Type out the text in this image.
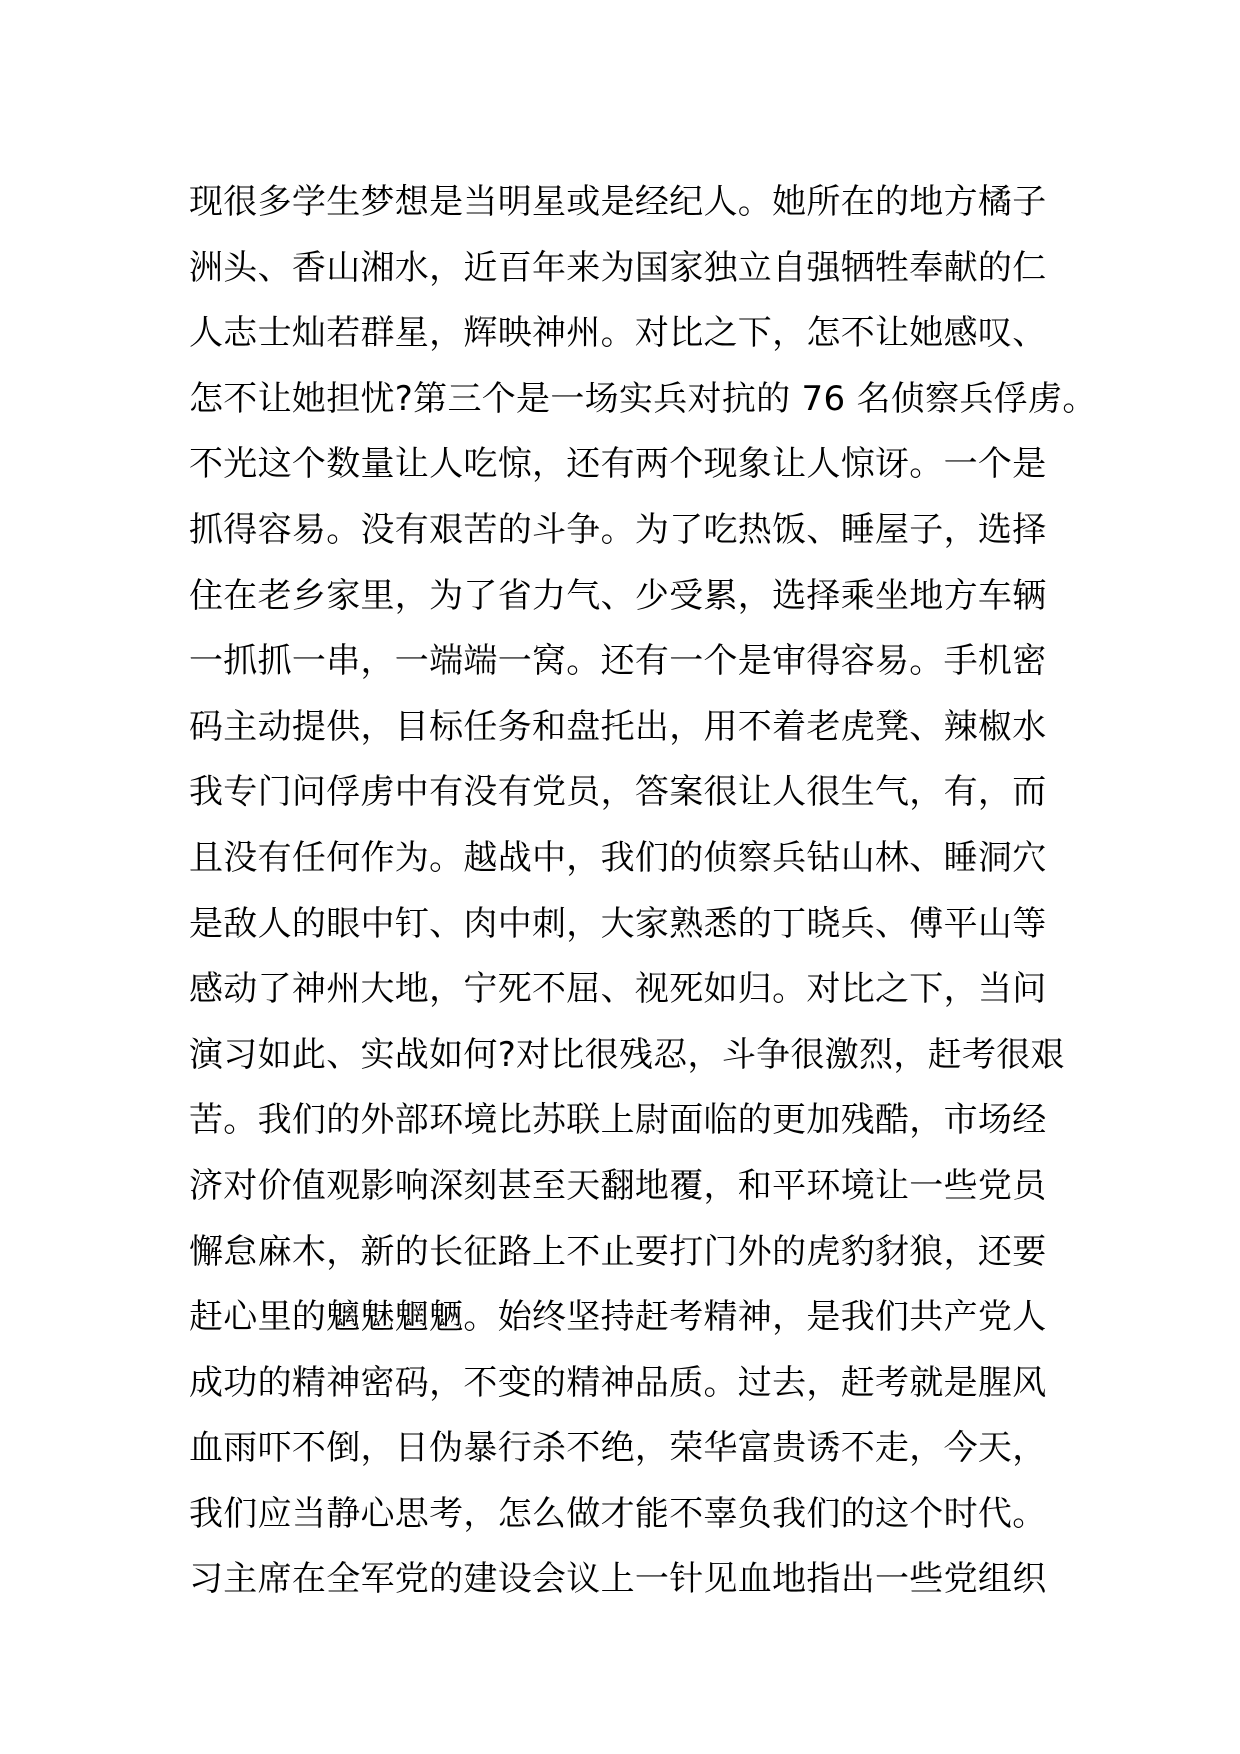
现很多学生梦想是当明星或是经纪人。她所在的地方橘子
洲头、香山湘水，近百年来为国家独立自强牺牲奉献的仁
人志士灿若群星，辉映神州。对比之下，怎不让她感叹、
怎不让她担忧?第三个是一场实兵对抗的 76 名侦察兵俘虏。
不光这个数量让人吃惊，还有两个现象让人惊讶。一个是
抓得容易。没有艰苦的斗争。为了吃热饭、睡屋子，选择
住在老乡家里，为了省力气、少受累，选择乘坐地方车辆
一抓抓一串，一端端一窝。还有一个是审得容易。手机密
码主动提供，目标任务和盘托出，用不着老虎凳、辣椒水
我专门问俘虏中有没有党员，答案很让人很生气，有，而
且没有任何作为。越战中，我们的侦察兵钻山林、睡洞穴
是敌人的眼中钉、肉中刺，大家熟悉的丁晓兵、傅平山等
感动了神州大地，宁死不屈、视死如归。对比之下，当问
演习如此、实战如何?对比很残忍，斗争很激烈，赶考很艰
苦。我们的外部环境比苏联上尉面临的更加残酷，市场经
济对价值观影响深刻甚至天翻地覆，和平环境让一些党员
懈怠麻木，新的长征路上不止要打门外的虎豹豺狼，还要
赶心里的魑魅魍魉。始终坚持赶考精神，是我们共产党人
成功的精神密码，不变的精神品质。过去，赶考就是腥风
血雨吓不倒，日伪暴行杀不绝，荣华富贵诱不走，今天，
我们应当静心思考，怎么做才能不辜负我们的这个时代。
习主席在全军党的建设会议上一针见血地指出一些党组织
